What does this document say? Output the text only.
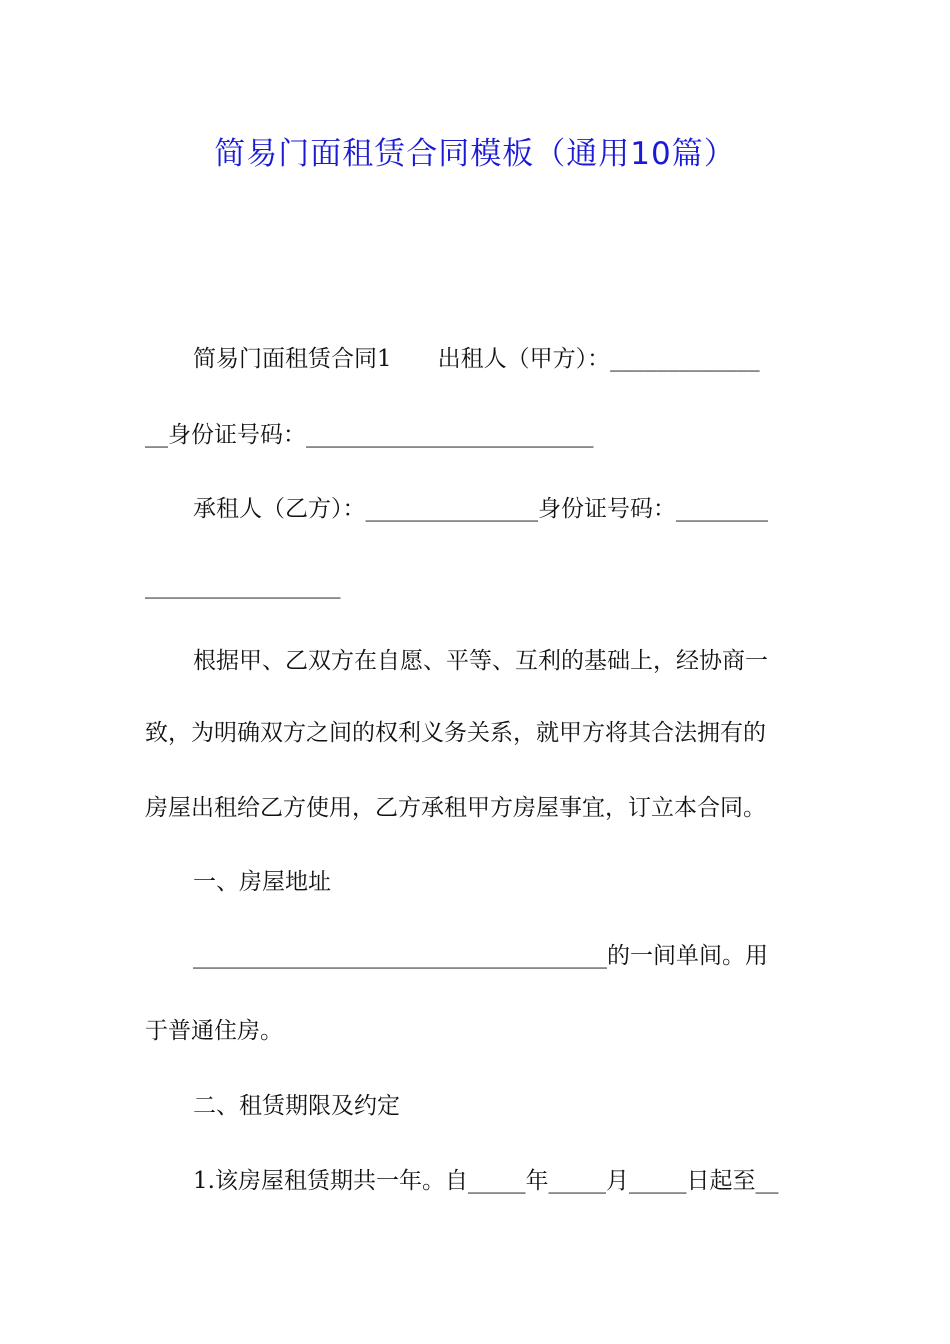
简易门面租赁合同模板（通用10篇）
简易门面租赁合同1　　出租人（甲方）：_____________
__身份证号码：_________________________
承租人（乙方）：_______________身份证号码：________
_________________
根据甲、乙双方在自愿、平等、互利的基础上，经协商一
致，为明确双方之间的权利义务关系，就甲方将其合法拥有的
房屋出租给乙方使用，乙方承租甲方房屋事宜，订立本合同。
一、房屋地址
____________________________________的一间单间。用
于普通住房。
二、租赁期限及约定
1.该房屋租赁期共一年。自_____年_____月_____日起至__
